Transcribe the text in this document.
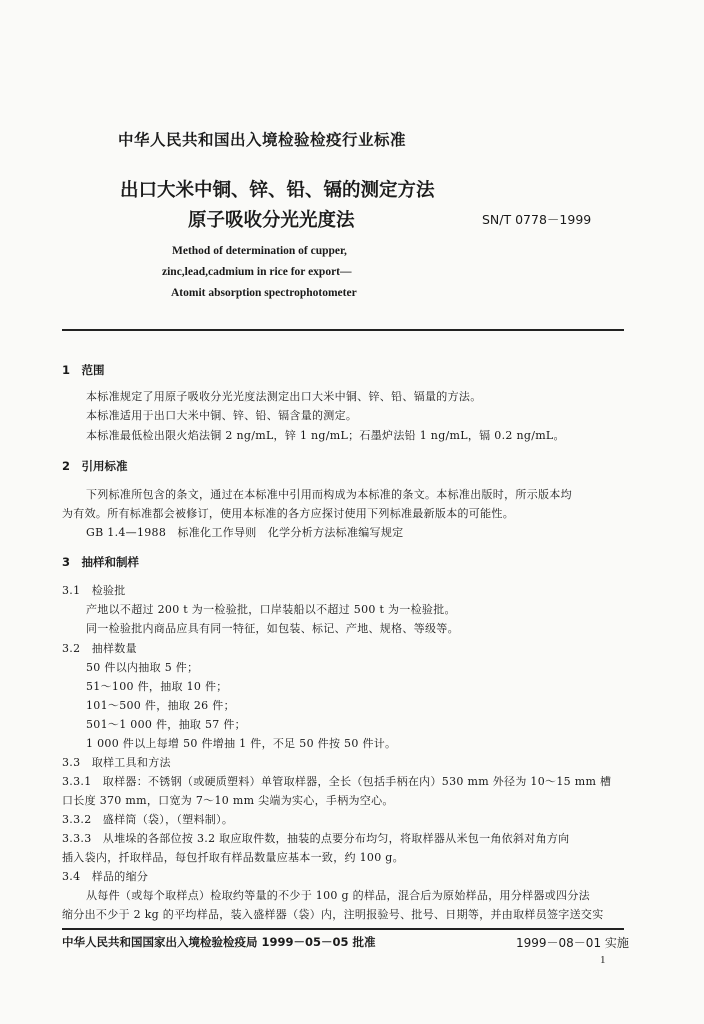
中华人民共和国出入境检验检疫行业标准
出口大米中铜、锌、铅、镉的测定方法
原子吸收分光光度法	SN/T 0778－1999
Method of determination of cupper,
zinc,lead,cadmium in rice for export—
Atomit absorption spectrophotometer
1　范围
本标准规定了用原子吸收分光光度法测定出口大米中铜、锌、铅、镉量的方法。
本标准适用于出口大米中铜、锌、铅、镉含量的测定。
本标准最低检出限火焰法铜 2 ng/mL，锌 1 ng/mL；石墨炉法铅 1 ng/mL，镉 0.2 ng/mL。
2　引用标准
下列标准所包含的条文，通过在本标准中引用而构成为本标准的条文。本标准出版时，所示版本均
为有效。所有标准都会被修订，使用本标准的各方应探讨使用下列标准最新版本的可能性。
GB 1.4—1988　标准化工作导则　化学分析方法标准编写规定
3　抽样和制样
3.1　检验批
产地以不超过 200 t 为一检验批，口岸装船以不超过 500 t 为一检验批。
同一检验批内商品应具有同一特征，如包装、标记、产地、规格、等级等。
3.2　抽样数量
50 件以内抽取 5 件；
51～100 件，抽取 10 件；
101～500 件，抽取 26 件；
501～1 000 件，抽取 57 件；
1 000 件以上每增 50 件增抽 1 件，不足 50 件按 50 件计。
3.3　取样工具和方法
3.3.1　取样器：不锈钢（或硬质塑料）单管取样器，全长（包括手柄在内）530 mm 外径为 10～15 mm 槽
口长度 370 mm，口宽为 7～10 mm 尖端为实心，手柄为空心。
3.3.2　盛样筒（袋），（塑料制）。
3.3.3　从堆垛的各部位按 3.2 取应取件数，抽装的点要分布均匀，将取样器从米包一角依斜对角方向
插入袋内，扦取样品，每包扦取有样品数量应基本一致，约 100 g。
3.4　样品的缩分
从每件（或每个取样点）检取约等量的不少于 100 g 的样品，混合后为原始样品，用分样器或四分法
缩分出不少于 2 kg 的平均样品，装入盛样器（袋）内，注明报验号、批号、日期等，并由取样员签字送交实
中华人民共和国国家出入境检验检疫局 1999－05－05 批准	1999－08－01 实施
1
